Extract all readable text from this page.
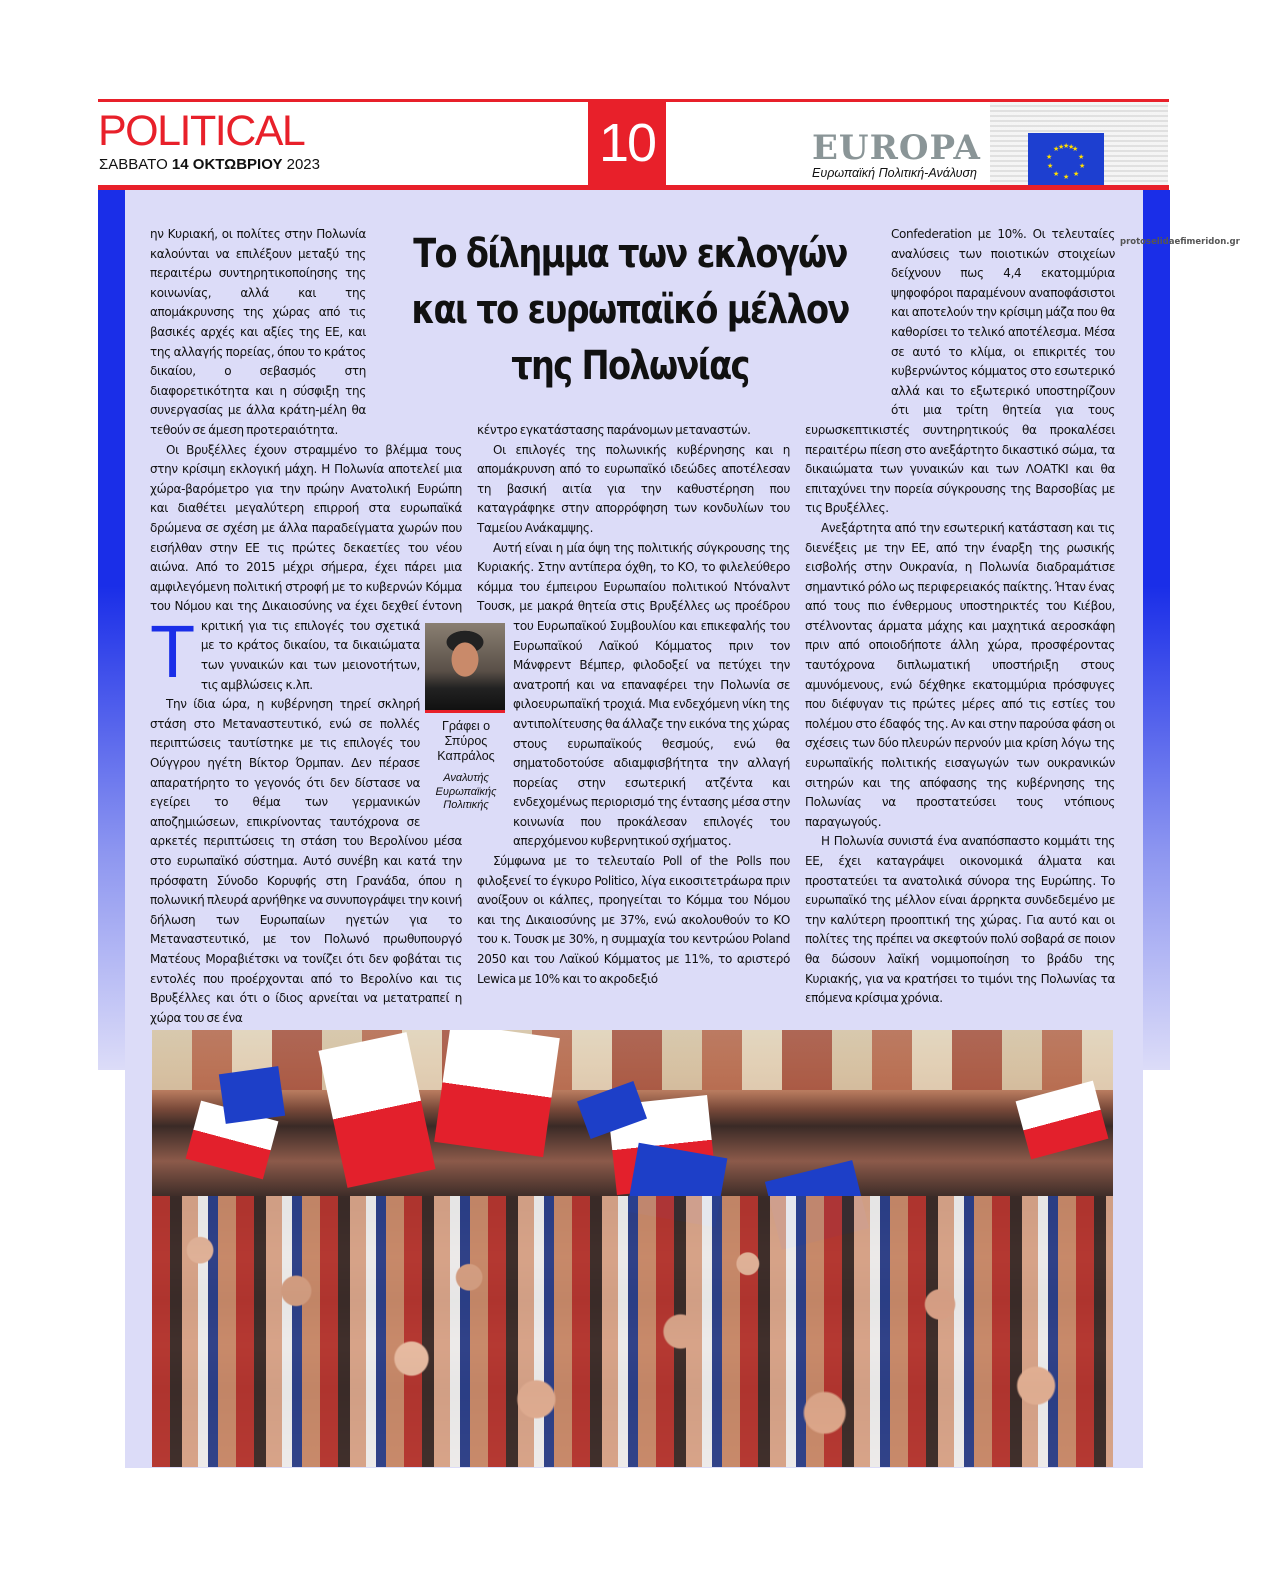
POLITICAL
ΣΑΒΒΑΤΟ 14 ΟΚΤΩΒΡΙΟΥ 2023	10	EUROPA
Ευρωπαϊκή Πολιτική-Ανάλυση
★ ★
★
★
★
★
★
★
★
★
★ ★
protoselidaefimeridon.gr
Το δίλημμα των εκλογών και το ευρωπαϊκό μέλλον της Πολωνίας
Τ

ην Κυριακή, οι πολίτες στην Πολωνία καλούνται να επιλέξουν μεταξύ της περαιτέρω συντηρητικοποίησης της κοινωνίας, αλλά και της απομάκρυνσης της χώρας από τις βασικές αρχές και αξίες της ΕΕ, και της αλλαγής πορείας, όπου το κράτος δικαίου, ο σεβασμός στη διαφορετικότητα και η σύσφιξη της συνεργασίας με άλλα κράτη-μέλη θα τεθούν σε άμεση προτεραιότητα.

Οι Βρυξέλλες έχουν στραμμένο το βλέμμα τους στην κρίσιμη εκλογική μάχη. Η Πολωνία αποτελεί μια χώρα-βαρόμετρο για την πρώην Ανατολική Ευρώπη και διαθέτει μεγαλύτερη επιρροή στα ευρωπαϊκά δρώμενα σε σχέση με άλλα παραδείγματα χωρών που εισήλθαν στην ΕΕ τις πρώτες δεκαετίες του νέου αιώνα. Από το 2015 μέχρι σήμερα, έχει πάρει μια αμφιλεγόμενη πολιτική στροφή με το κυβερνών Κόμμα του Νόμου και της Δικαιοσύνης να έχει δεχθεί έντονη κριτική για τις επιλογές του σχετικά με το κράτος δικαίου, τα δικαιώματα των γυναικών και των μειονοτήτων, τις αμβλώσεις κ.λπ.

Την ίδια ώρα, η κυβέρνηση τηρεί σκληρή στάση στο Μεταναστευτικό, ενώ σε πολλές περιπτώσεις ταυτίστηκε με τις επιλογές του Ούγγρου ηγέτη Βίκτορ Όρμπαν. Δεν πέρασε απαρατήρητο το γεγονός ότι δεν δίστασε να εγείρει το θέμα των γερμανικών αποζημιώσεων, επικρίνοντας ταυτόχρονα σε αρκετές περιπτώσεις τη στάση του Βερολίνου μέσα στο ευρωπαϊκό σύστημα. Αυτό συνέβη και κατά την πρόσφατη Σύνοδο Κορυφής στη Γρανάδα, όπου η πολωνική πλευρά αρνήθηκε να συνυπογράψει την κοινή δήλωση των Ευρωπαίων ηγετών για το Μεταναστευτικό, με τον Πολωνό πρωθυπουργό Ματέους Μοραβιέτσκι να τονίζει ότι δεν φοβάται τις εντολές που προέρχονται από το Βερολίνο και τις Βρυξέλλες και ότι ο ίδιος αρνείται να μετατραπεί η χώρα του σε ένα

Γράφει ο Σπύρος Καπράλος
Αναλυτής Ευρωπαϊκής Πολιτικής

κέντρο εγκατάστασης παράνομων μεταναστών.

Οι επιλογές της πολωνικής κυβέρνησης και η απομάκρυνση από το ευρωπαϊκό ιδεώδες αποτέλεσαν τη βασική αιτία για την καθυστέρηση που καταγράφηκε στην απορρόφηση των κονδυλίων του Ταμείου Ανάκαμψης.

Αυτή είναι η μία όψη της πολιτικής σύγκρουσης της Κυριακής. Στην αντίπερα όχθη, το ΚΟ, το φιλελεύθερο κόμμα του έμπειρου Ευρωπαίου πολιτικού Ντόναλντ Τουσκ, με μακρά θητεία στις Βρυξέλλες ως προέδρου του Ευρωπαϊκού Συμβουλίου και επικεφαλής του Ευρωπαϊκού Λαϊκού Κόμματος πριν τον Μάνφρεντ Βέμπερ, φιλοδοξεί να πετύχει την ανατροπή και να επαναφέρει την Πολωνία σε φιλοευρωπαϊκή τροχιά. Μια ενδεχόμενη νίκη της αντιπολίτευσης θα άλλαζε την εικόνα της χώρας στους ευρωπαϊκούς θεσμούς, ενώ θα σηματοδοτούσε αδιαμφισβήτητα την αλλαγή πορείας στην εσωτερική ατζέντα και ενδεχομένως περιορισμό της έντασης μέσα στην κοινωνία που προκάλεσαν επιλογές του απερχόμενου κυβερνητικού σχήματος.

Σύμφωνα με το τελευταίο Poll of the Polls που φιλοξενεί το έγκυρο Politico, λίγα εικοσιτετράωρα πριν ανοίξουν οι κάλπες, προηγείται το Κόμμα του Νόμου και της Δικαιοσύνης με 37%, ενώ ακολουθούν το ΚΟ του κ. Τουσκ με 30%, η συμμαχία του κεντρώου Poland 2050 και του Λαϊκού Κόμματος με 11%, το αριστερό Lewica με 10% και το ακροδεξιό

Confederation με 10%. Οι τελευταίες αναλύσεις των ποιοτικών στοιχείων δείχνουν πως 4,4 εκατομμύρια ψηφοφόροι παραμένουν αναποφάσιστοι και αποτελούν την κρίσιμη μάζα που θα καθορίσει το τελικό αποτέλεσμα. Μέσα σε αυτό το κλίμα, οι επικριτές του κυβερνώντος κόμματος στο εσωτερικό αλλά και το εξωτερικό υποστηρίζουν ότι μια τρίτη θητεία για τους ευρωσκεπτικιστές συντηρητικούς θα προκαλέσει περαιτέρω πίεση στο ανεξάρτητο δικαστικό σώμα, τα δικαιώματα των γυναικών και των ΛΟΑΤΚΙ και θα επιταχύνει την πορεία σύγκρουσης της Βαρσοβίας με τις Βρυξέλλες.

Ανεξάρτητα από την εσωτερική κατάσταση και τις διενέξεις με την ΕΕ, από την έναρξη της ρωσικής εισβολής στην Ουκρανία, η Πολωνία διαδραμάτισε σημαντικό ρόλο ως περιφερειακός παίκτης. Ήταν ένας από τους πιο ένθερμους υποστηρικτές του Κιέβου, στέλνοντας άρματα μάχης και μαχητικά αεροσκάφη πριν από οποιοδήποτε άλλη χώρα, προσφέροντας ταυτόχρονα διπλωματική υποστήριξη στους αμυνόμενους, ενώ δέχθηκε εκατομμύρια πρόσφυγες που διέφυγαν τις πρώτες μέρες από τις εστίες του πολέμου στο έδαφός της. Αν και στην παρούσα φάση οι σχέσεις των δύο πλευρών περνούν μια κρίση λόγω της ευρωπαϊκής πολιτικής εισαγωγών των ουκρανικών σιτηρών και της απόφασης της κυβέρνησης της Πολωνίας να προστατεύσει τους ντόπιους παραγωγούς.

Η Πολωνία συνιστά ένα αναπόσπαστο κομμάτι της ΕΕ, έχει καταγράψει οικονομικά άλματα και προστατεύει τα ανατολικά σύνορα της Ευρώπης. Το ευρωπαϊκό της μέλλον είναι άρρηκτα συνδεδεμένο με την καλύτερη προοπτική της χώρας. Για αυτό και οι πολίτες της πρέπει να σκεφτούν πολύ σοβαρά σε ποιον θα δώσουν λαϊκή νομιμοποίηση το βράδυ της Κυριακής, για να κρατήσει το τιμόνι της Πολωνίας τα επόμενα κρίσιμα χρόνια.
